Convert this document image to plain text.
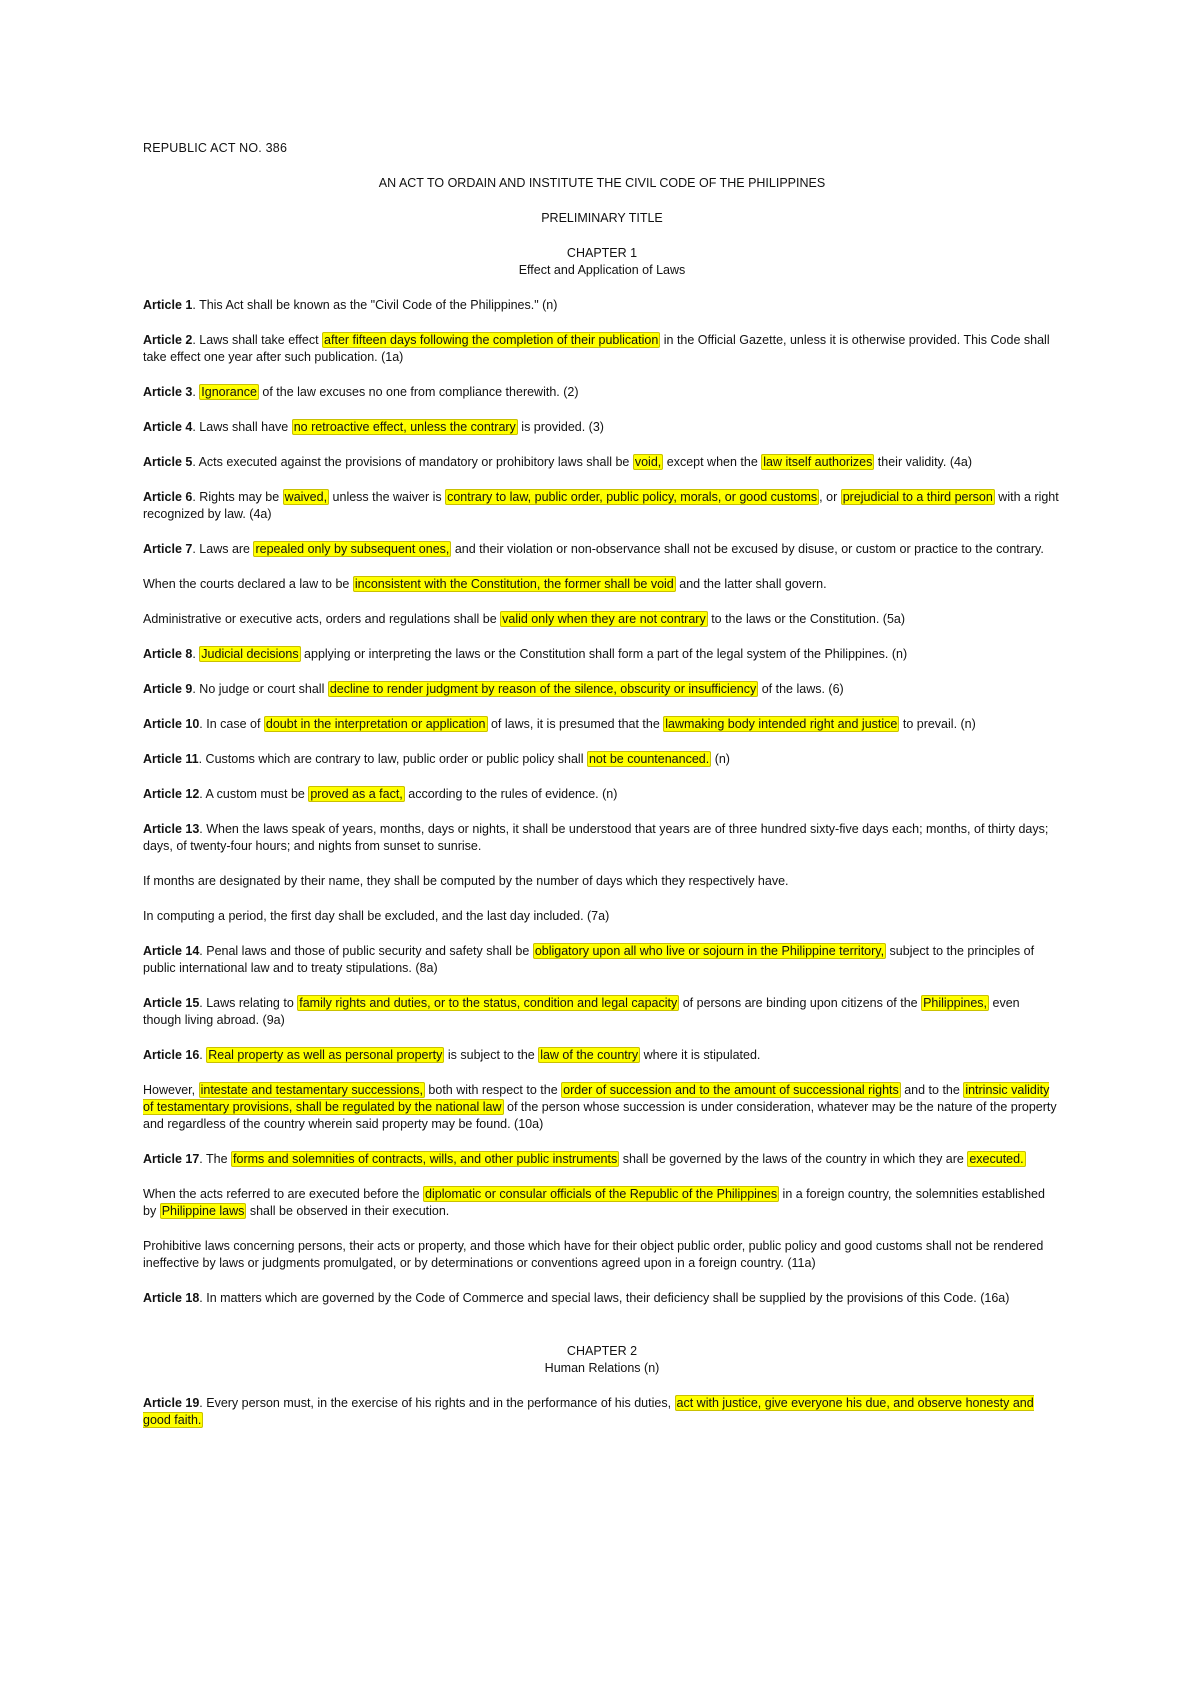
REPUBLIC ACT NO. 386
AN ACT TO ORDAIN AND INSTITUTE THE CIVIL CODE OF THE PHILIPPINES
PRELIMINARY TITLE
CHAPTER 1
Effect and Application of Laws

Article 1. This Act shall be known as the "Civil Code of the Philippines." (n)

Article 2. Laws shall take effect after fifteen days following the completion of their publication in the Official Gazette, unless it is otherwise provided. This Code shall take effect one year after such publication. (1a)

Article 3. Ignorance of the law excuses no one from compliance therewith. (2)

Article 4. Laws shall have no retroactive effect, unless the contrary is provided. (3)

Article 5. Acts executed against the provisions of mandatory or prohibitory laws shall be void, except when the law itself authorizes their validity. (4a)

Article 6. Rights may be waived, unless the waiver is contrary to law, public order, public policy, morals, or good customs , or prejudicial to a third person with a right recognized by law. (4a)

Article 7. Laws are repealed only by subsequent ones, and their violation or non-observance shall not be excused by disuse, or custom or practice to the contrary.

When the courts declared a law to be inconsistent with the Constitution, the former shall be void and the latter shall govern.

Administrative or executive acts, orders and regulations shall be valid only when they are not contrary to the laws or the Constitution. (5a)

Article 8. Judicial decisions applying or interpreting the laws or the Constitution shall form a part of the legal system of the Philippines. (n)

Article 9. No judge or court shall decline to render judgment by reason of the silence, obscurity or insufficiency of the laws. (6)

Article 10. In case of doubt in the interpretation or application of laws, it is presumed that the lawmaking body intended right and justice to prevail. (n)

Article 11. Customs which are contrary to law, public order or public policy shall not be countenanced. (n)

Article 12. A custom must be proved as a fact, according to the rules of evidence. (n)

Article 13. When the laws speak of years, months, days or nights, it shall be understood that years are of three hundred sixty-five days each; months, of thirty days; days, of twenty-four hours; and nights from sunset to sunrise.

If months are designated by their name, they shall be computed by the number of days which they respectively have.

In computing a period, the first day shall be excluded, and the last day included. (7a)

Article 14. Penal laws and those of public security and safety shall be obligatory upon all who live or sojourn in the Philippine territory, subject to the principles of public international law and to treaty stipulations. (8a)

Article 15. Laws relating to family rights and duties, or to the status, condition and legal capacity of persons are binding upon citizens of the Philippines, even though living abroad. (9a)

Article 16. Real property as well as personal property is subject to the law of the country where it is stipulated.

However, intestate and testamentary successions, both with respect to the order of succession and to the amount of successional rights and to the intrinsic validity of testamentary provisions, shall be regulated by the national law of the person whose succession is under consideration, whatever may be the nature of the property and regardless of the country wherein said property may be found. (10a)

Article 17. The forms and solemnities of contracts, wills, and other public instruments shall be governed by the laws of the country in which they are executed.

When the acts referred to are executed before the diplomatic or consular officials of the Republic of the Philippines in a foreign country, the solemnities established by Philippine laws shall be observed in their execution.

Prohibitive laws concerning persons, their acts or property, and those which have for their object public order, public policy and good customs shall not be rendered ineffective by laws or judgments promulgated, or by determinations or conventions agreed upon in a foreign country. (11a)

Article 18. In matters which are governed by the Code of Commerce and special laws, their deficiency shall be supplied by the provisions of this Code. (16a)

CHAPTER 2
Human Relations (n)

Article 19. Every person must, in the exercise of his rights and in the performance of his duties, act with justice, give everyone his due, and observe honesty and good faith.
